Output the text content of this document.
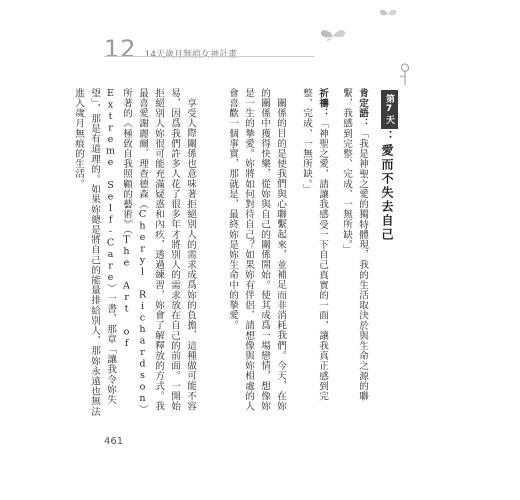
12 14天歲月無痕女神計畫
第7天
：愛而不失去自己
肯定語：「我是神聖之愛的獨特體現，我的生活取決於與生命之源的聯繫，我感到完整、完成、一無所缺。」
祈禱：「神聖之愛，請讓我感受一下自己真實的一面，讓我真正感到完整、完成、一無所缺。」
關係的目的是使我們與心聯繫起來，並補足而非消耗我們。今天，在妳的關係中獲得快樂，從妳與自己的關係開始。使其成爲一場戀情，想像妳是一生的摯愛。妳將如何對待自己？如果妳有伴侶，請想像與妳相處的人會喜歡一個事實，那就是，最終妳是妳生命中的摯愛。
享受人際關係也意味著拒絕別人的需求成爲妳的負擔，這種做可能不容易，因爲我們許多人花了很多年才將別人的需求放在自己的前面。一開始拒絕別人妳很可能充滿疑惑和內疚，透過練習，妳會了解釋放的方式。我最喜愛謝麗爾．理查德森（Cheryl Richardson）所著的《極致自我照顧的藝術》（The Art of Extreme Self-Care）一書，那章「讓我令妳失望」，那是有道理的。如果妳總是將自己的能量排給別人，那妳永遠也無法進入歲月無痕的生活。
461
